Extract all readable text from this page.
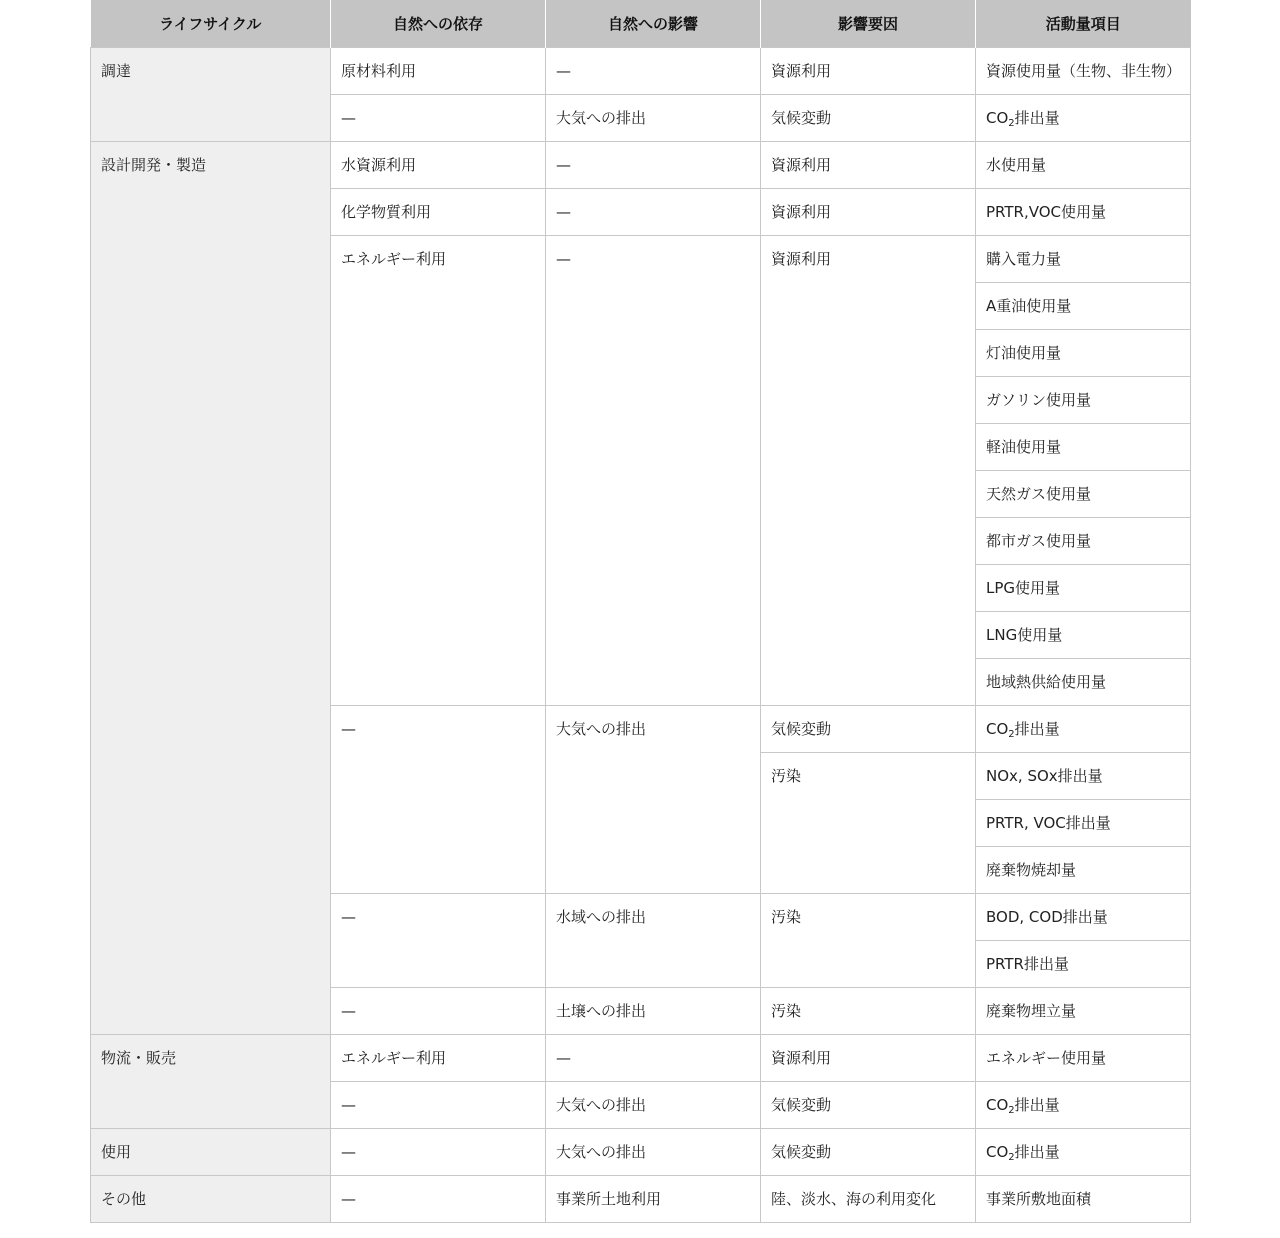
ライフサイクル	自然への依存	自然への影響	影響要因	活動量項目
調達	原材料利用	—	資源利用	資源使用量（生物、非生物）
	—	大気への排出	気候変動	$CO_2$排出量
設計開発・製造	水資源利用	—	資源利用	水使用量
	化学物質利用	—	資源利用	PRTR,VOC使用量
	エネルギー利用	—	資源利用	購入電力量
				A重油使用量
				灯油使用量
				ガソリン使用量
				軽油使用量
				天然ガス使用量
				都市ガス使用量
				LPG使用量
				LNG使用量
				地域熱供給使用量
	—	大気への排出	気候変動	$CO_2$排出量
			汚染	NOx, SOx排出量
				PRTR, VOC排出量
				廃棄物焼却量
	—	水域への排出	汚染	BOD, COD排出量
				PRTR排出量
	—	土壌への排出	汚染	廃棄物埋立量
物流・販売	エネルギー利用	—	資源利用	エネルギー使用量
	—	大気への排出	気候変動	$CO_2$排出量
使用	—	大気への排出	気候変動	$CO_2$排出量
その他	—	事業所土地利用	陸、淡水、海の利用変化	事業所敷地面積
